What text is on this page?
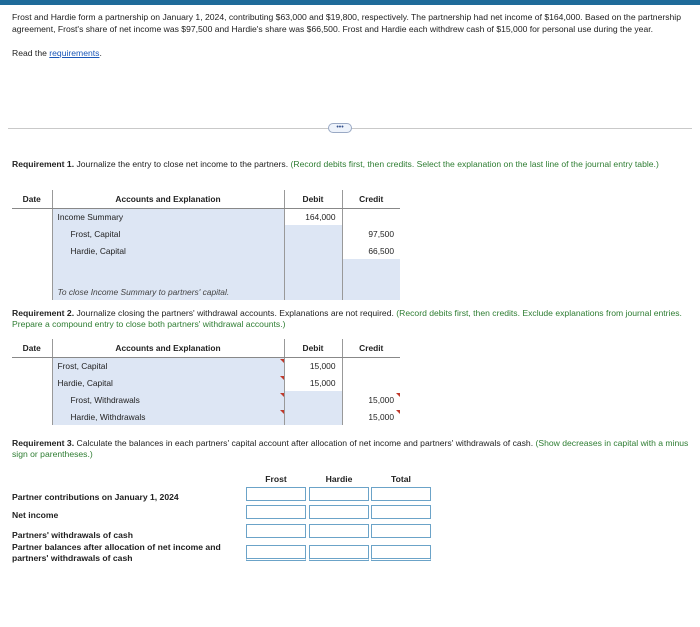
Frost and Hardie form a partnership on January 1, 2024, contributing $63,000 and $19,800, respectively. The partnership had net income of $164,000. Based on the partnership agreement, Frost's share of net income was $97,500 and Hardie's share was $66,500. Frost and Hardie each withdrew cash of $15,000 for personal use during the year.
Read the requirements.
•••
Requirement 1. Journalize the entry to close net income to the partners. (Record debits first, then credits. Select the explanation on the last line of the journal entry table.)
Date	Accounts and Explanation	Debit	Credit
	Income Summary	164,000	
	Frost, Capital		97,500
	Hardie, Capital		66,500

	To close Income Summary to partners' capital.		
Requirement 2. Journalize closing the partners' withdrawal accounts. Explanations are not required. (Record debits first, then credits. Exclude explanations from journal entries. Prepare a compound entry to close both partners' withdrawal accounts.)
Date	Accounts and Explanation	Debit	Credit
	Frost, Capital	15,000	
	Hardie, Capital	15,000	
	Frost, Withdrawals		15,000
	Hardie, Withdrawals		15,000
Requirement 3. Calculate the balances in each partners' capital account after allocation of net income and partners' withdrawals of cash. (Show decreases in capital with a minus sign or parentheses.)
Frost	Hardie	Total
Partner contributions on January 1, 2024
Net income
Partners' withdrawals of cash
Partner balances after allocation of net income and partners' withdrawals of cash
